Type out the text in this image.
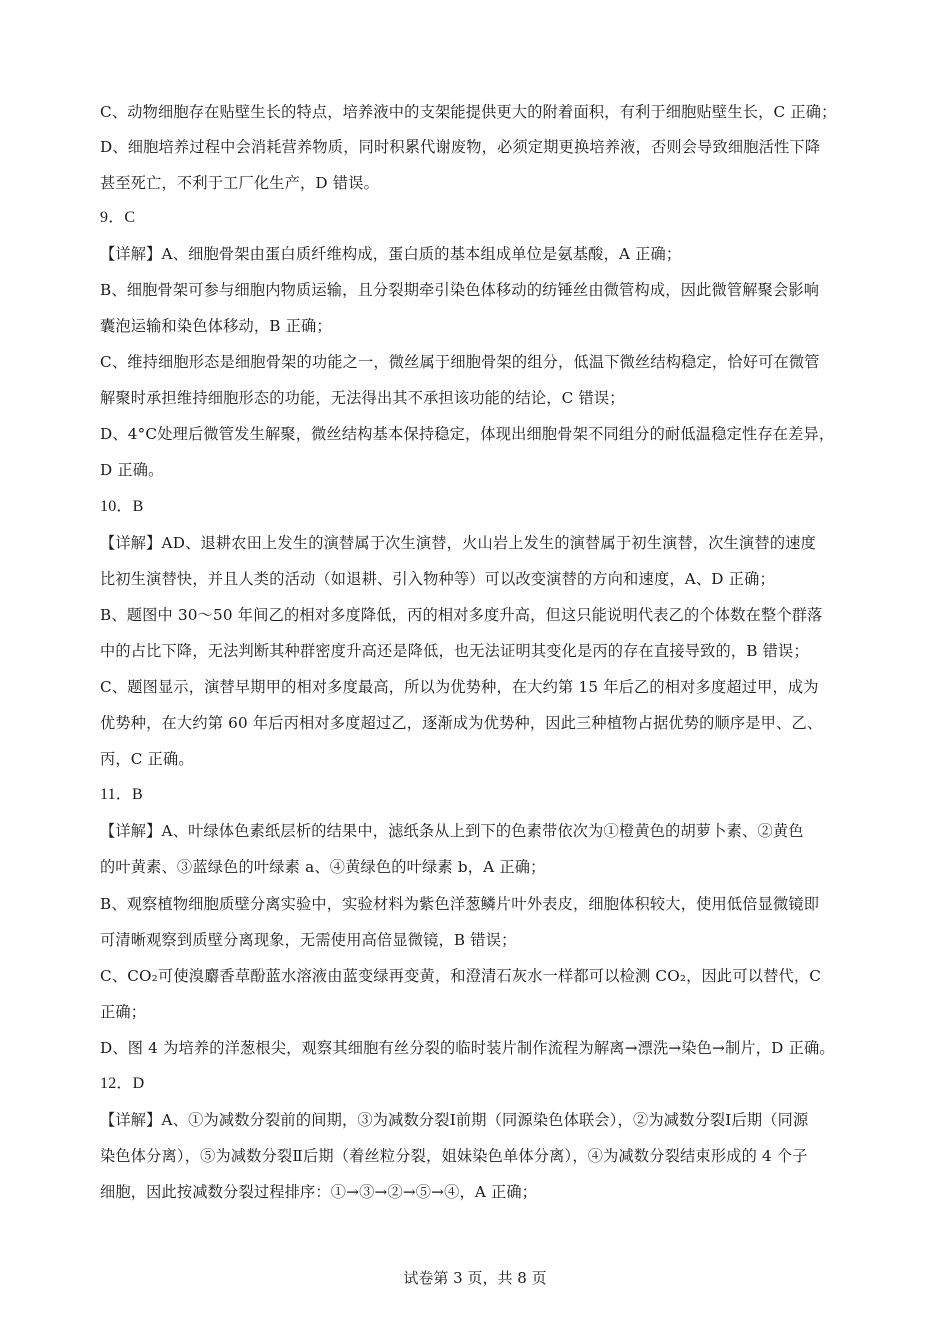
C、动物细胞存在贴壁生长的特点，培养液中的支架能提供更大的附着面积，有利于细胞贴壁生长，C 正确；
D、细胞培养过程中会消耗营养物质，同时积累代谢废物，必须定期更换培养液，否则会导致细胞活性下降
甚至死亡，不利于工厂化生产，D 错误。
9．C
【详解】A、细胞骨架由蛋白质纤维构成，蛋白质的基本组成单位是氨基酸，A 正确；
B、细胞骨架可参与细胞内物质运输，且分裂期牵引染色体移动的纺锤丝由微管构成，因此微管解聚会影响
囊泡运输和染色体移动，B 正确；
C、维持细胞形态是细胞骨架的功能之一，微丝属于细胞骨架的组分，低温下微丝结构稳定，恰好可在微管
解聚时承担维持细胞形态的功能，无法得出其不承担该功能的结论，C 错误；
D、4°C处理后微管发生解聚，微丝结构基本保持稳定，体现出细胞骨架不同组分的耐低温稳定性存在差异，
D 正确。
10．B
【详解】AD、退耕农田上发生的演替属于次生演替，火山岩上发生的演替属于初生演替，次生演替的速度
比初生演替快，并且人类的活动（如退耕、引入物种等）可以改变演替的方向和速度，A、D 正确；
B、题图中 30～50 年间乙的相对多度降低，丙的相对多度升高，但这只能说明代表乙的个体数在整个群落
中的占比下降，无法判断其种群密度升高还是降低，也无法证明其变化是丙的存在直接导致的，B 错误；
C、题图显示，演替早期甲的相对多度最高，所以为优势种，在大约第 15 年后乙的相对多度超过甲，成为
优势种，在大约第 60 年后丙相对多度超过乙，逐渐成为优势种，因此三种植物占据优势的顺序是甲、乙、
丙，C 正确。
11．B
【详解】A、叶绿体色素纸层析的结果中，滤纸条从上到下的色素带依次为①橙黄色的胡萝卜素、②黄色
的叶黄素、③蓝绿色的叶绿素 a、④黄绿色的叶绿素 b，A 正确；
B、观察植物细胞质壁分离实验中，实验材料为紫色洋葱鳞片叶外表皮，细胞体积较大，使用低倍显微镜即
可清晰观察到质壁分离现象，无需使用高倍显微镜，B 错误；
C、CO₂可使溴麝香草酚蓝水溶液由蓝变绿再变黄，和澄清石灰水一样都可以检测 CO₂，因此可以替代，C
正确；
D、图 4 为培养的洋葱根尖，观察其细胞有丝分裂的临时装片制作流程为解离→漂洗→染色→制片，D 正确。
12．D
【详解】A、①为减数分裂前的间期，③为减数分裂Ⅰ前期（同源染色体联会），②为减数分裂Ⅰ后期（同源
染色体分离），⑤为减数分裂Ⅱ后期（着丝粒分裂，姐妹染色单体分离），④为减数分裂结束形成的 4 个子
细胞，因此按减数分裂过程排序：①→③→②→⑤→④，A 正确；
试卷第 3 页，共 8 页
